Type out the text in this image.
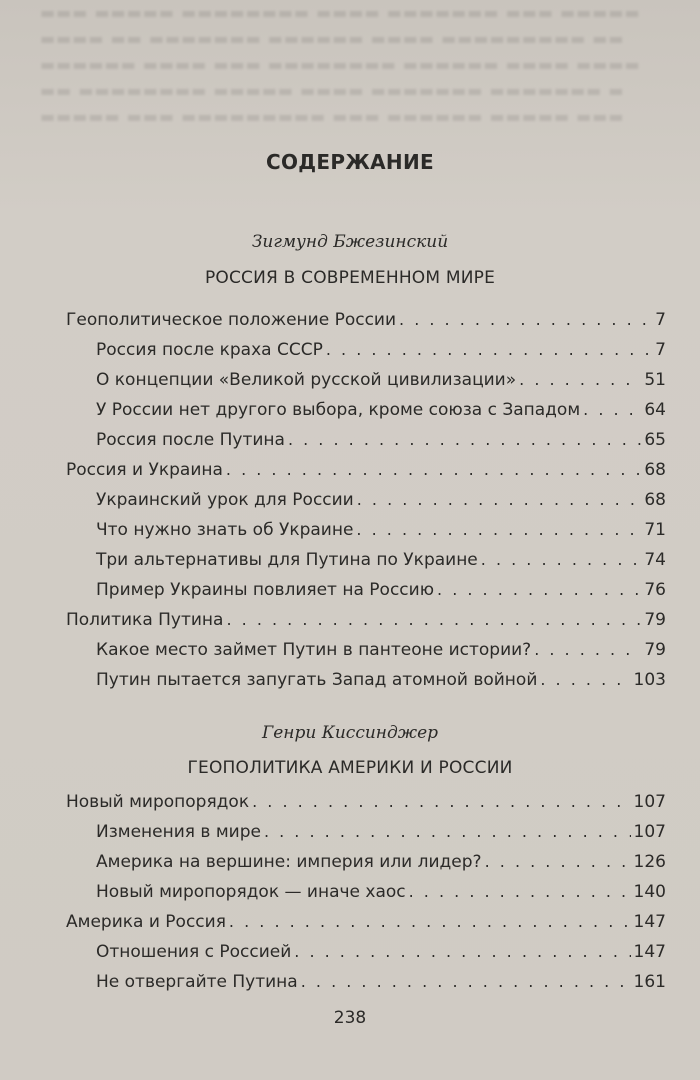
▬▬▬ ▬▬▬▬▬ ▬▬▬▬▬▬▬▬ ▬▬▬▬ ▬▬▬▬▬▬▬ ▬▬▬ ▬▬▬▬▬
▬▬▬▬ ▬▬ ▬▬▬▬▬▬▬ ▬▬▬▬▬▬ ▬▬▬▬ ▬▬▬▬▬▬▬▬▬ ▬▬
▬▬▬▬▬▬ ▬▬▬▬ ▬▬▬ ▬▬▬▬▬▬▬▬ ▬▬▬▬▬▬ ▬▬▬▬ ▬▬▬▬
▬▬ ▬▬▬▬▬▬▬▬ ▬▬▬▬▬ ▬▬▬▬ ▬▬▬▬▬▬▬ ▬▬▬▬▬▬▬ ▬
▬▬▬▬▬ ▬▬▬ ▬▬▬▬▬▬▬▬▬ ▬▬▬ ▬▬▬▬▬▬ ▬▬▬▬▬ ▬▬▬
СОДЕРЖАНИЕ
Зигмунд Бжезинский
РОССИЯ В СОВРЕМЕННОМ МИРЕ
Геополитическое положение России . . .	7
Россия после краха СССР . . .	7
О концепции «Великой русской цивилизации» . . .	51
У России нет другого выбора, кроме союза с Западом . . .	64
Россия после Путина . . .	65
Россия и Украина . . .	68
Украинский урок для России . . .	68
Что нужно знать об Украине . . .	71
Три альтернативы для Путина по Украине . . .	74
Пример Украины повлияет на Россию . . .	76
Политика Путина . . .	79
Какое место займет Путин в пантеоне истории? . . .	79
Путин пытается запугать Запад атомной войной . . .	103
Генри Киссинджер
ГЕОПОЛИТИКА АМЕРИКИ И РОССИИ
Новый миропорядок . . .	107
Изменения в мире . . .	107
Америка на вершине: империя или лидер? . . .	126
Новый миропорядок — иначе хаос . . .	140
Америка и Россия . . .	147
Отношения с Россией . . .	147
Не отвергайте Путина . . .	161
238
